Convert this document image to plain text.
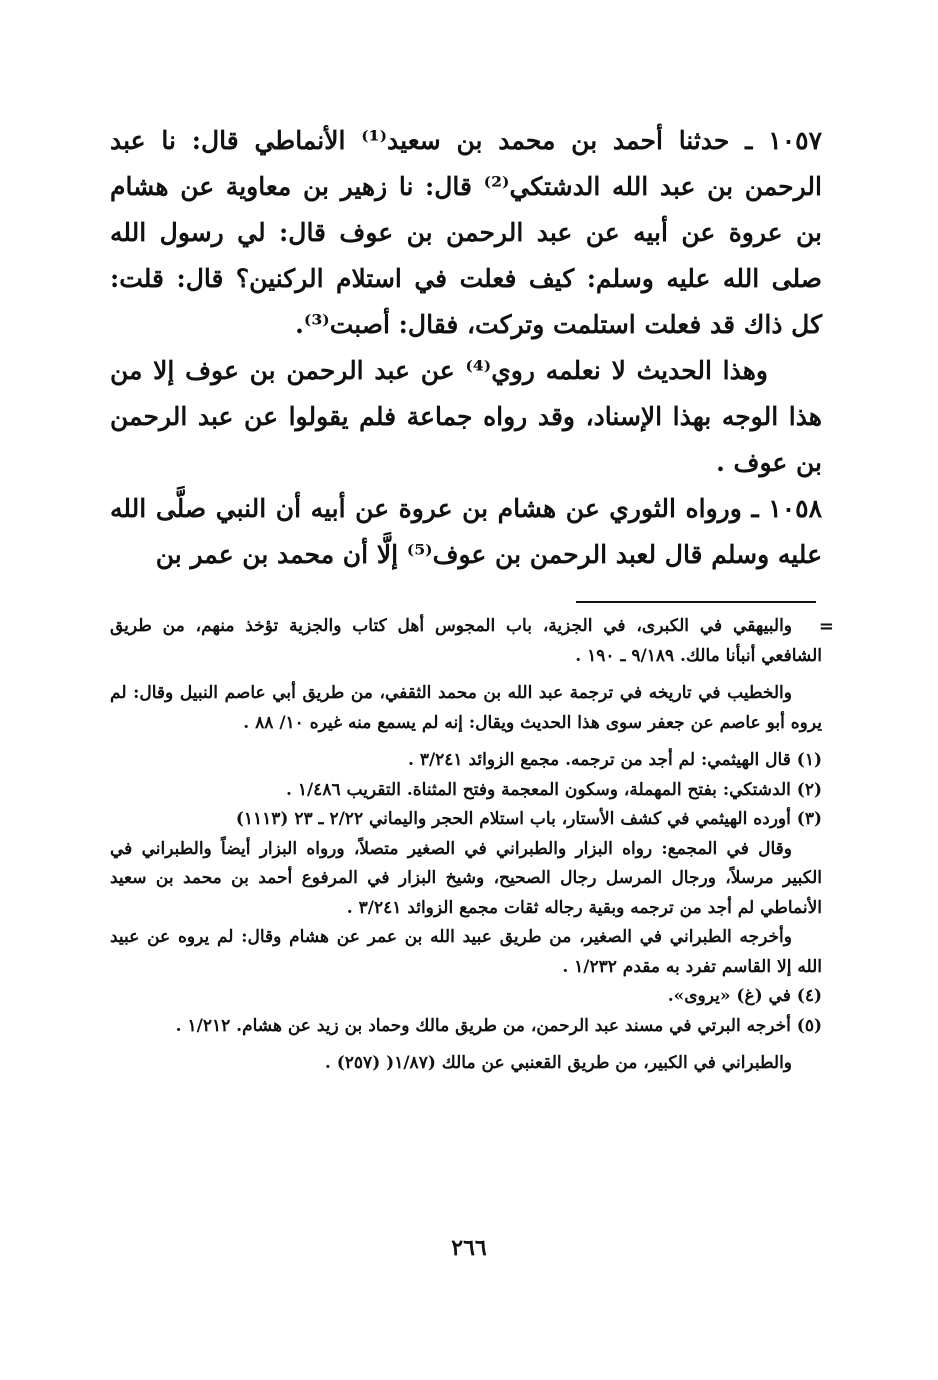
١٠٥٧ ـ حدثنا أحمد بن محمد بن سعيد⁽¹⁾ الأنماطي قال: نا عبد الرحمن بن عبد الله الدشتكي⁽²⁾ قال: نا زهير بن معاوية عن هشام بن عروة عن أبيه عن عبد الرحمن بن عوف قال: لي رسول الله صلى الله عليه وسلم: كيف فعلت في استلام الركنين؟ قال: قلت: كل ذاك قد فعلت استلمت وتركت، فقال: أصبت⁽³⁾.

وهذا الحديث لا نعلمه روي⁽⁴⁾ عن عبد الرحمن بن عوف إلا من هذا الوجه بهذا الإسناد، وقد رواه جماعة فلم يقولوا عن عبد الرحمن بن عوف .

١٠٥٨ ـ ورواه الثوري عن هشام بن عروة عن أبيه أن النبي صلَّى الله عليه وسلم قال لعبد الرحمن بن عوف⁽⁵⁾ إلَّا أن محمد بن عمر بن

=

والبيهقي في الكبرى، في الجزية، باب المجوس أهل كتاب والجزية تؤخذ منهم، من طريق الشافعي أنبأنا مالك. ٩/١٨٩ ـ ١٩٠ .

والخطيب في تاريخه في ترجمة عبد الله بن محمد الثقفي، من طريق أبي عاصم النبيل وقال: لم يروه أبو عاصم عن جعفر سوى هذا الحديث ويقال: إنه لم يسمع منه غيره ١٠/ ٨٨ .

(١) قال الهيثمي: لم أجد من ترجمه. مجمع الزوائد ٣/٢٤١ .

(٢) الدشتكي: بفتح المهملة، وسكون المعجمة وفتح المثناة. التقريب ١/٤٨٦ .

(٣) أورده الهيثمي في كشف الأستار، باب استلام الحجر واليماني ٢/٢٢ ـ ٢٣ (١١١٣)

وقال في المجمع: رواه البزار والطبراني في الصغير متصلاً، ورواه البزار أيضاً والطبراني في الكبير مرسلاً، ورجال المرسل رجال الصحيح، وشيخ البزار في المرفوع أحمد بن محمد بن سعيد الأنماطي لم أجد من ترجمه وبقية رجاله ثقات مجمع الزوائد ٣/٢٤١ .

وأخرجه الطبراني في الصغير، من طريق عبيد الله بن عمر عن هشام وقال: لم يروه عن عبيد الله إلا القاسم تفرد به مقدم ١/٢٣٢ .

(٤) في (غ) «يروى».

(٥) أخرجه البرتي في مسند عبد الرحمن، من طريق مالك وحماد بن زيد عن هشام. ١/٢١٢ .

والطبراني في الكبير، من طريق القعنبي عن مالك (١/٨٧( (٢٥٧) .

٢٦٦
